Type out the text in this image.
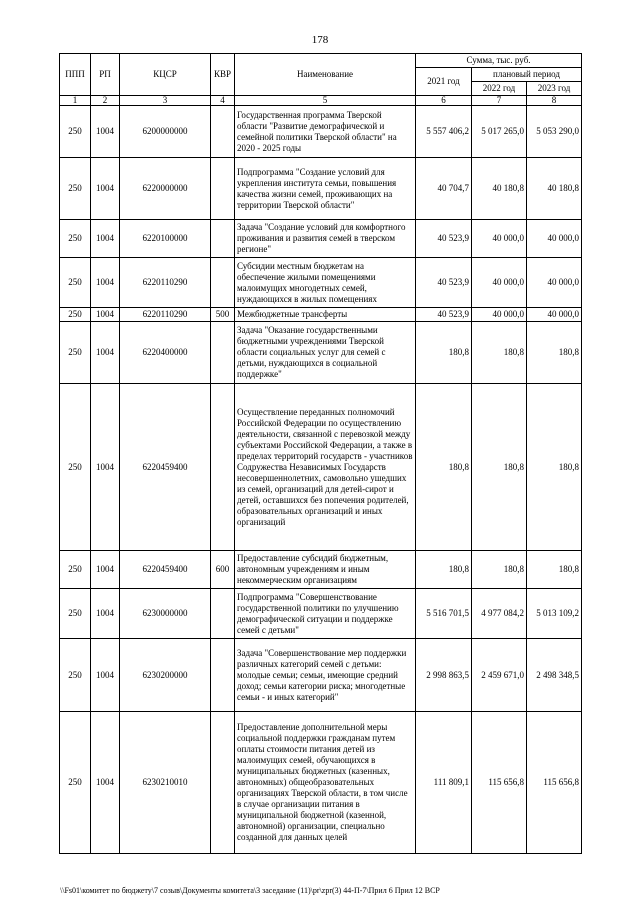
178
ППП	РП	КЦСР	КВР	Наименование	Сумма, тыс. руб.		
					2021 год	плановый период	
						2022 год	2023 год
1	2	3	4	5	6	7	8
250	1004	6200000000		Государственная программа Тверской области "Развитие демографической и семейной политики Тверской области" на 2020 - 2025 годы	5 557 406,2	5 017 265,0	5 053 290,0
250	1004	6220000000		Подпрограмма "Создание условий для укрепления института семьи, повышения качества жизни семей, проживающих на территории Тверской области"	40 704,7	40 180,8	40 180,8
250	1004	6220100000		Задача "Создание условий для комфортного проживания и развития семей в тверском регионе"	40 523,9	40 000,0	40 000,0
250	1004	6220110290		Субсидии местным бюджетам на обеспечение жилыми помещениями малоимущих многодетных семей, нуждающихся в жилых помещениях	40 523,9	40 000,0	40 000,0
250	1004	6220110290	500	Межбюджетные трансферты	40 523,9	40 000,0	40 000,0
250	1004	6220400000		Задача "Оказание государственными бюджетными учреждениями Тверской области социальных услуг для семей с детьми, нуждающихся в социальной поддержке"	180,8	180,8	180,8
250	1004	6220459400		Осуществление переданных полномочий Российской Федерации по осуществлению деятельности, связанной с перевозкой между субъектами Российской Федерации, а также в пределах территорий государств - участников Содружества Независимых Государств несовершеннолетних, самовольно ушедших из семей, организаций для детей-сирот и детей, оставшихся без попечения родителей, образовательных организаций и иных организаций	180,8	180,8	180,8
250	1004	6220459400	600	Предоставление субсидий бюджетным, автономным учреждениям и иным некоммерческим организациям	180,8	180,8	180,8
250	1004	6230000000		Подпрограмма "Совершенствование государственной политики по улучшению демографической ситуации и поддержке семей с детьми"	5 516 701,5	4 977 084,2	5 013 109,2
250	1004	6230200000		Задача "Совершенствование мер поддержки различных категорий семей с детьми: молодые семьи; семьи, имеющие средний доход; семьи категории риска; многодетные семьи - и иных категорий"	2 998 863,5	2 459 671,0	2 498 348,5
250	1004	6230210010		Предоставление дополнительной меры социальной поддержки гражданам путем оплаты стоимости питания детей из малоимущих семей, обучающихся в муниципальных бюджетных (казенных, автономных) общеобразовательных организациях Тверской области, в том числе в случае организации питания в муниципальной бюджетной (казенной, автономной) организации, специально созданной для данных целей	111 809,1	115 656,8	115 656,8
\\Fs01\комитет по бюджету\7 созыв\Документы комитета\3 заседание (11)\pr\zpr(3) 44-П-7\Прил 6 Прил 12 ВСР
